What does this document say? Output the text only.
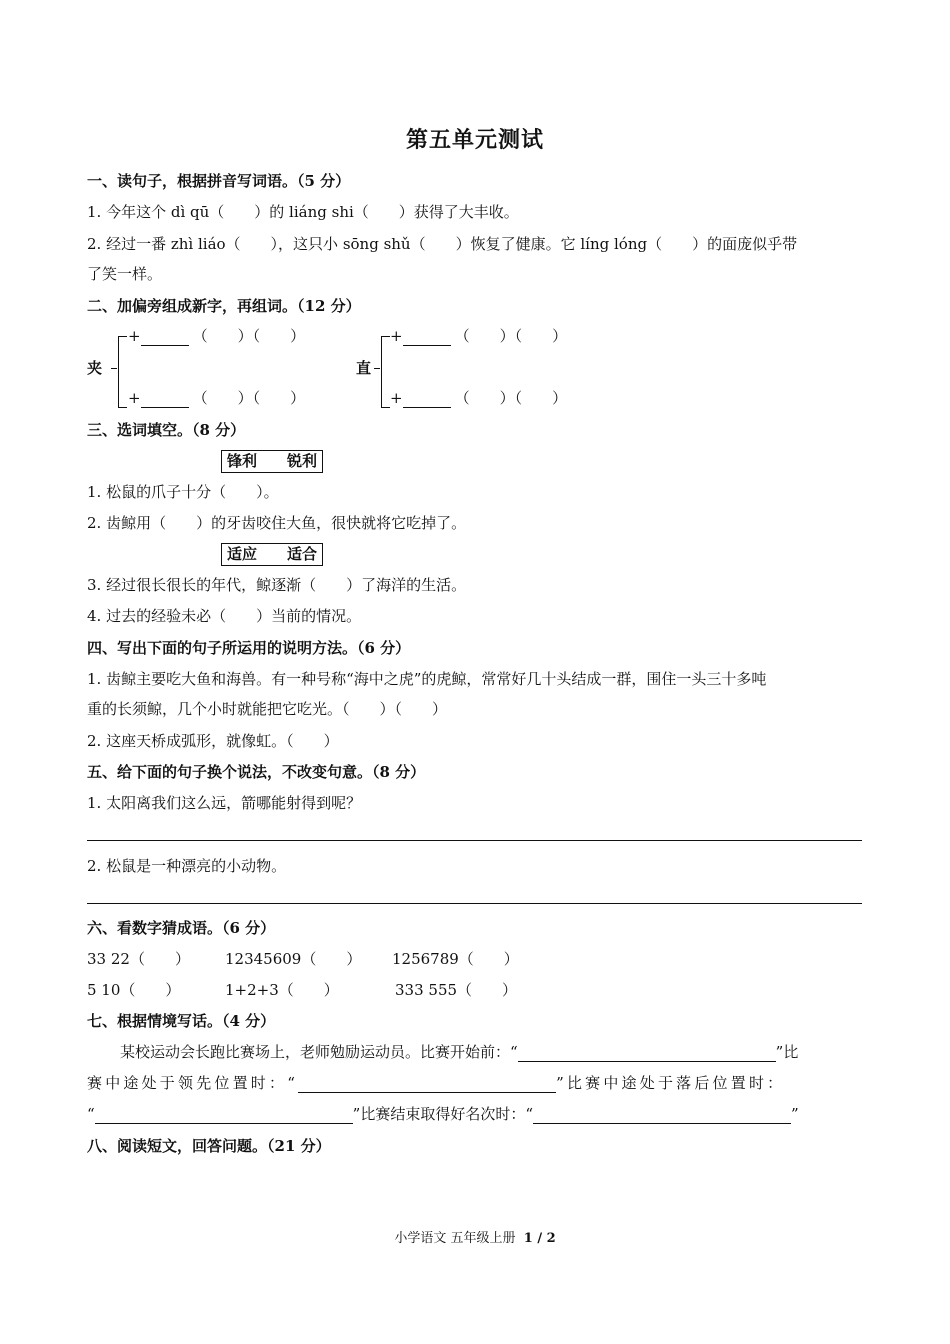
第五单元测试
一、读句子，根据拼音写词语。（5 分）
1. 今年这个 dì qū（　　）的 liáng shi（　　）获得了大丰收。
2. 经过一番 zhì liáo（　　），这只小 sōng shǔ（　　）恢复了健康。它 líng lóng（　　）的面庞似乎带
了笑一样。
二、加偏旁组成新字，再组词。（12 分）
夹
+	（　　）（　　）
+	（　　）（　　）
直
+	（　　）（　　）
+	（　　）（　　）
三、选词填空。（8 分）
锋利　　锐利
1. 松鼠的爪子十分（　　）。
2. 齿鲸用（　　）的牙齿咬住大鱼，很快就将它吃掉了。
适应　　适合
3. 经过很长很长的年代，鲸逐渐（　　）了海洋的生活。
4. 过去的经验未必（　　）当前的情况。
四、写出下面的句子所运用的说明方法。（6 分）
1. 齿鲸主要吃大鱼和海兽。有一种号称“海中之虎”的虎鲸，常常好几十头结成一群，围住一头三十多吨
重的长须鲸，几个小时就能把它吃光。（　　）（　　）
2. 这座天桥成弧形，就像虹。（　　）
五、给下面的句子换个说法，不改变句意。（8 分）
1. 太阳离我们这么远，箭哪能射得到呢？
2. 松鼠是一种漂亮的小动物。
六、看数字猜成语。（6 分）
33 22（　　） 12345609（　　） 1256789（　　）
5 10（　　）	1+2+3（　　）	333 555（　　）
七、根据情境写话。（4 分）
某校运动会长跑比赛场上，老师勉励运动员。比赛开始前：“	”比
赛中途处于领先位置时：“	”比赛中途处于落后位置时：
“	”比赛结束取得好名次时：“	”
八、阅读短文，回答问题。（21 分）
小学语文 五年级上册 1 / 2
